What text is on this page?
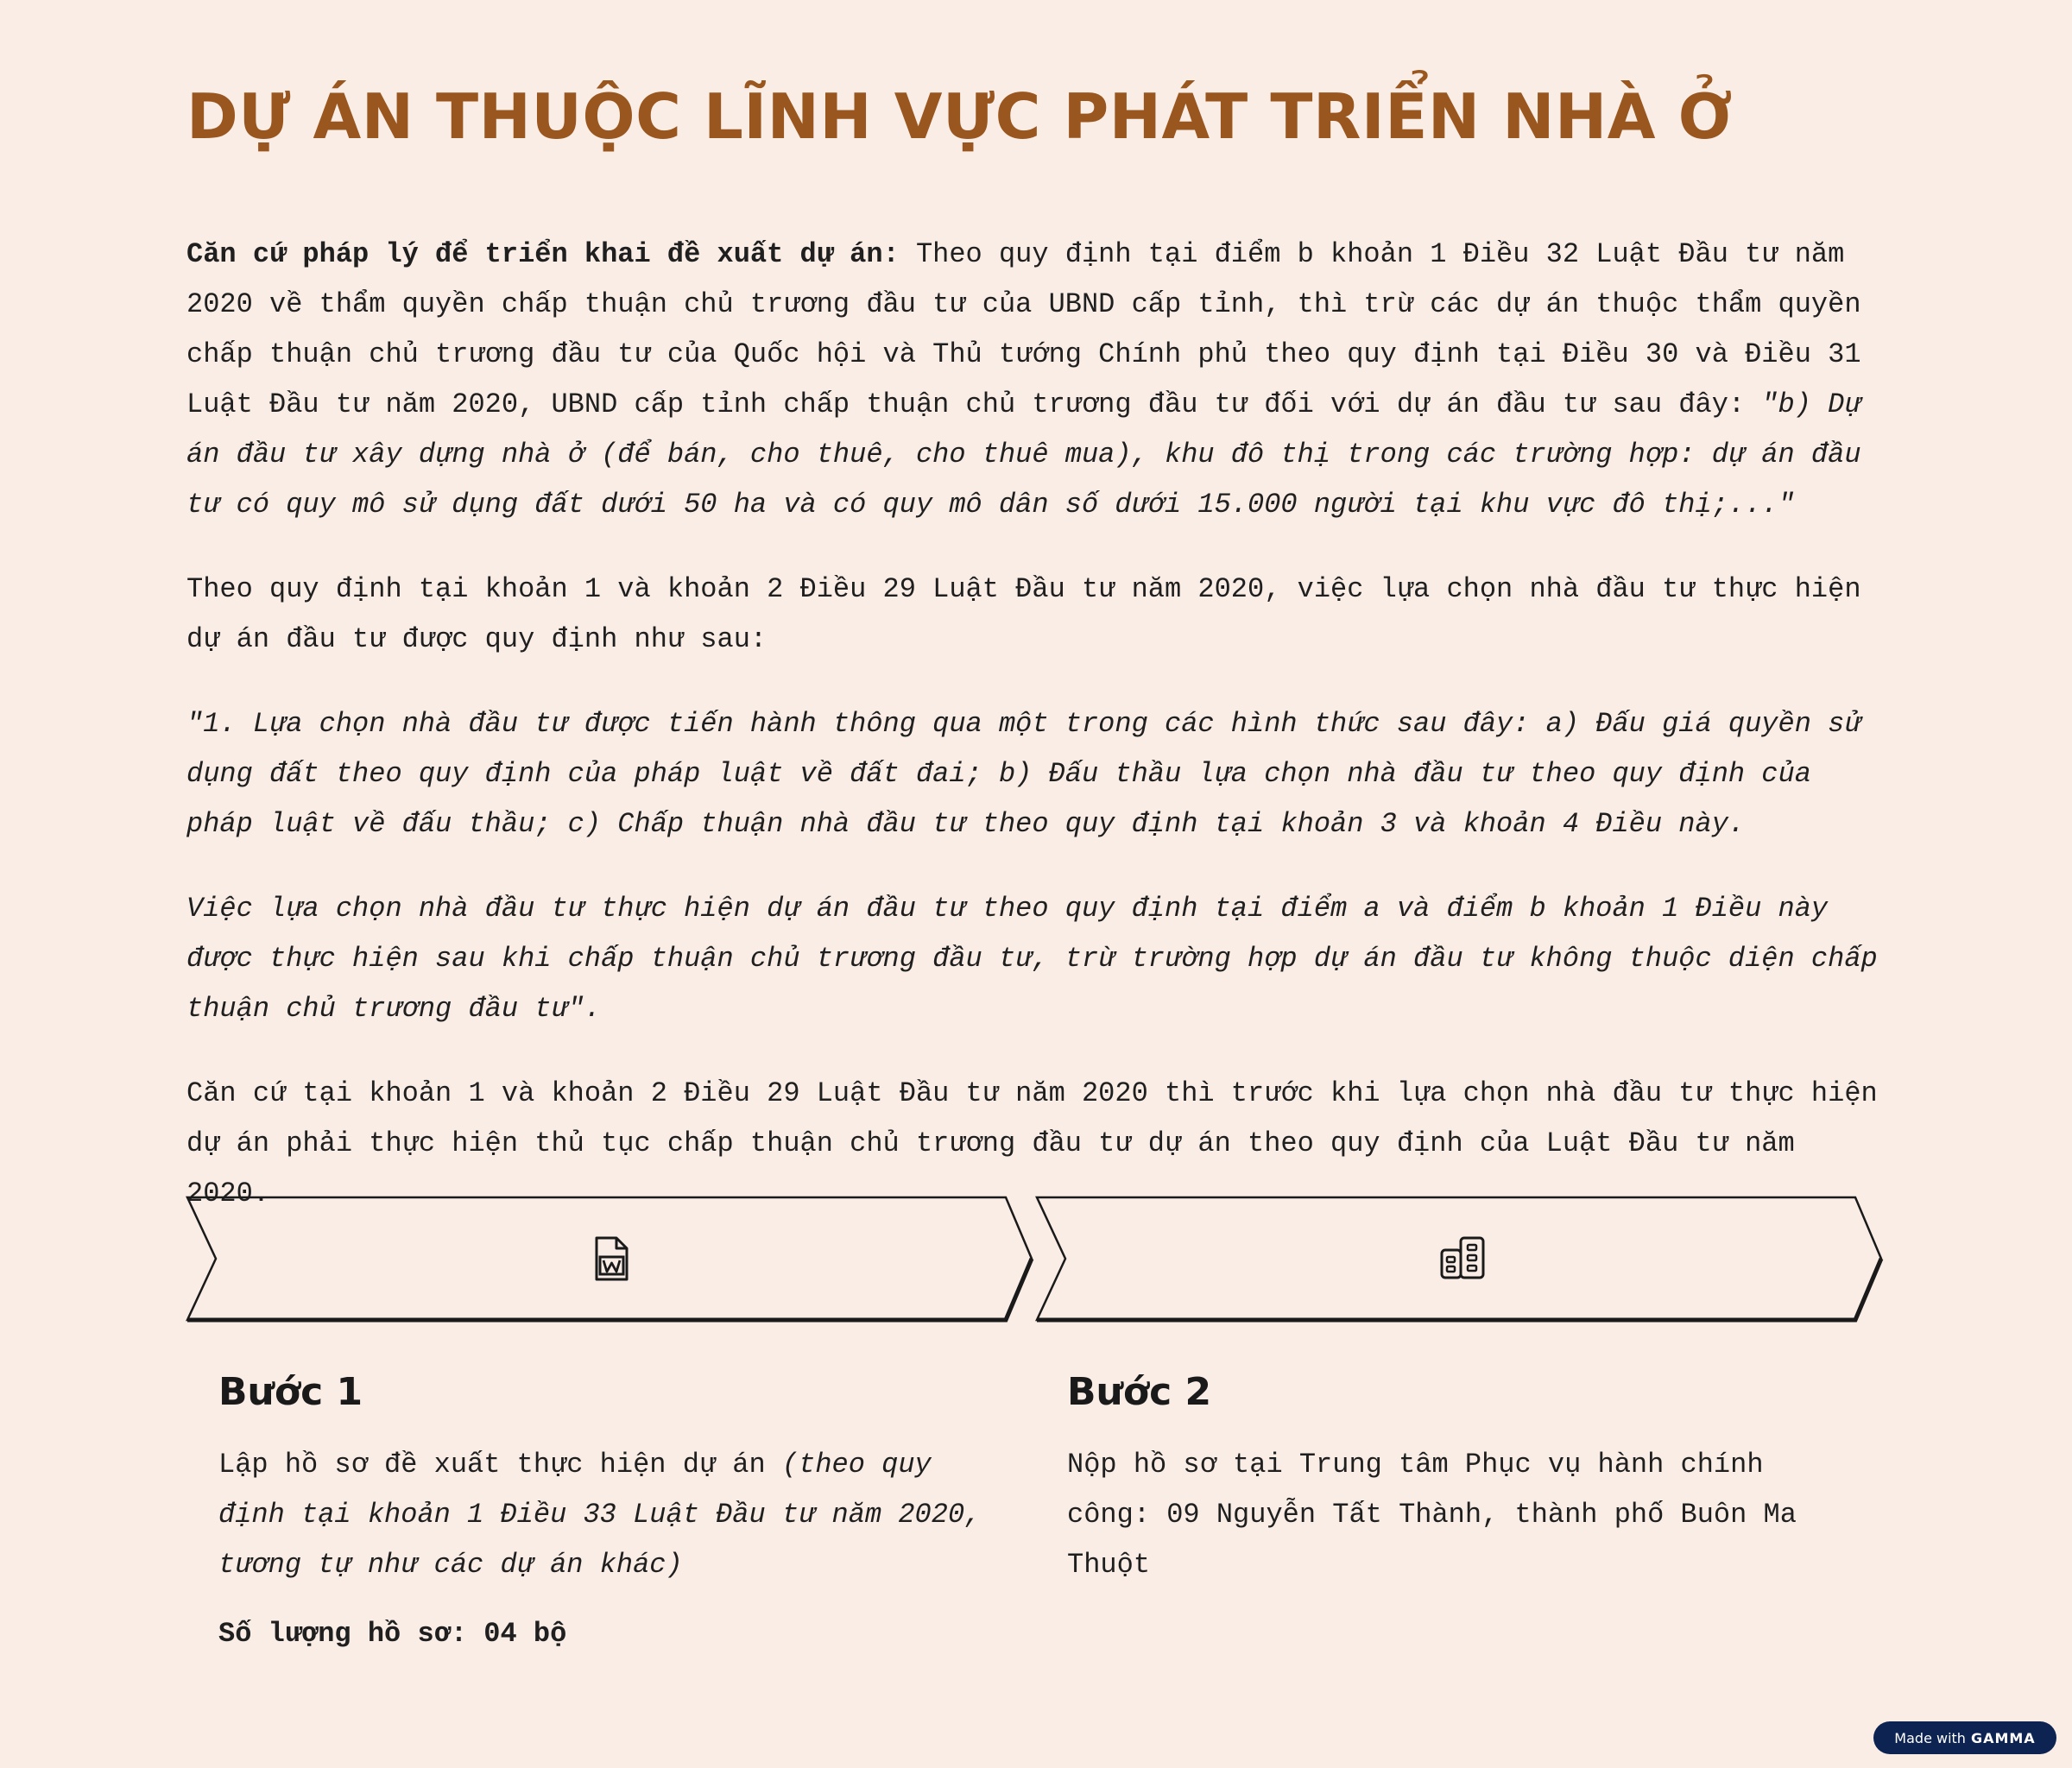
DỰ ÁN THUỘC LĨNH VỰC PHÁT TRIỂN NHÀ Ở

Căn cứ pháp lý để triển khai đề xuất dự án: Theo quy định tại điểm b khoản 1 Điều 32 Luật Đầu tư năm 2020 về thẩm quyền chấp thuận chủ trương đầu tư của UBND cấp tỉnh, thì trừ các dự án thuộc thẩm quyền chấp thuận chủ trương đầu tư của Quốc hội và Thủ tướng Chính phủ theo quy định tại Điều 30 và Điều 31 Luật Đầu tư năm 2020, UBND cấp tỉnh chấp thuận chủ trương đầu tư đối với dự án đầu tư sau đây: "b) Dự án đầu tư xây dựng nhà ở (để bán, cho thuê, cho thuê mua), khu đô thị trong các trường hợp: dự án đầu tư có quy mô sử dụng đất dưới 50 ha và có quy mô dân số dưới 15.000 người tại khu vực đô thị;..."

Theo quy định tại khoản 1 và khoản 2 Điều 29 Luật Đầu tư năm 2020, việc lựa chọn nhà đầu tư thực hiện dự án đầu tư được quy định như sau:

"1. Lựa chọn nhà đầu tư được tiến hành thông qua một trong các hình thức sau đây: a) Đấu giá quyền sử dụng đất theo quy định của pháp luật về đất đai; b) Đấu thầu lựa chọn nhà đầu tư theo quy định của pháp luật về đấu thầu; c) Chấp thuận nhà đầu tư theo quy định tại khoản 3 và khoản 4 Điều này.

Việc lựa chọn nhà đầu tư thực hiện dự án đầu tư theo quy định tại điểm a và điểm b khoản 1 Điều này được thực hiện sau khi chấp thuận chủ trương đầu tư, trừ trường hợp dự án đầu tư không thuộc diện chấp thuận chủ trương đầu tư".

Căn cứ tại khoản 1 và khoản 2 Điều 29 Luật Đầu tư năm 2020 thì trước khi lựa chọn nhà đầu tư thực hiện dự án phải thực hiện thủ tục chấp thuận chủ trương đầu tư dự án theo quy định của Luật Đầu tư năm 2020.

Bước 1

Lập hồ sơ đề xuất thực hiện dự án (theo quy định tại khoản 1 Điều 33 Luật Đầu tư năm 2020, tương tự như các dự án khác)

Số lượng hồ sơ: 04 bộ

Bước 2

Nộp hồ sơ tại Trung tâm Phục vụ hành chính công: 09 Nguyễn Tất Thành, thành phố Buôn Ma Thuột

Made with GAMMA
